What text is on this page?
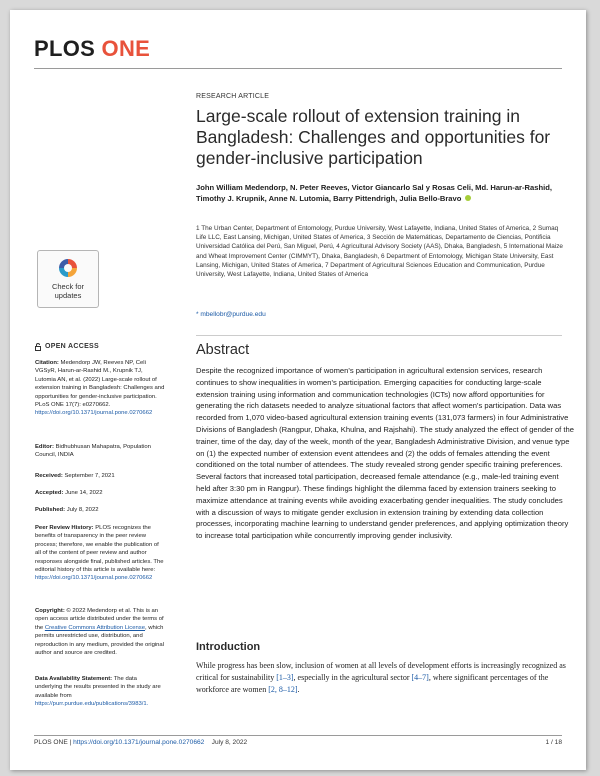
PLOS ONE
RESEARCH ARTICLE
Large-scale rollout of extension training in Bangladesh: Challenges and opportunities for gender-inclusive participation
John William Medendorp, N. Peter Reeves, Victor Giancarlo Sal y Rosas Celi, Md. Harun-ar-Rashid, Timothy J. Krupnik, Anne N. Lutomia, Barry Pittendrigh, Julia Bello-Bravo
1 The Urban Center, Department of Entomology, Purdue University, West Lafayette, Indiana, United States of America, 2 Sumaq Life LLC, East Lansing, Michigan, United States of America, 3 Sección de Matemáticas, Departamento de Ciencias, Pontificia Universidad Católica del Perú, San Miguel, Perú, 4 Agricultural Advisory Society (AAS), Dhaka, Bangladesh, 5 International Maize and Wheat Improvement Center (CIMMYT), Dhaka, Bangladesh, 6 Department of Entomology, Michigan State University, East Lansing, Michigan, United States of America, 7 Department of Agricultural Sciences Education and Communication, Purdue University, West Lafayette, Indiana, United States of America
* mbellobr@purdue.edu
Check for
updates
OPEN ACCESS
Citation: Medendorp JW, Reeves NP, Celi VGSyR, Harun-ar-Rashid M., Krupnik TJ, Lutomia AN, et al. (2022) Large-scale rollout of extension training in Bangladesh: Challenges and opportunities for gender-inclusive participation. PLoS ONE 17(7): e0270662. https://doi.org/10.1371/journal.pone.0270662
Editor: Bidhubhusan Mahapatra, Population Council, INDIA
Received: September 7, 2021
Accepted: June 14, 2022
Published: July 8, 2022
Peer Review History: PLOS recognizes the benefits of transparency in the peer review process; therefore, we enable the publication of all of the content of peer review and author responses alongside final, published articles. The editorial history of this article is available here: https://doi.org/10.1371/journal.pone.0270662
Copyright: © 2022 Medendorp et al. This is an open access article distributed under the terms of the Creative Commons Attribution License, which permits unrestricted use, distribution, and reproduction in any medium, provided the original author and source are credited.
Data Availability Statement: The data underlying the results presented in the study are available from https://purr.purdue.edu/publications/3983/1.
Abstract
Despite the recognized importance of women's participation in agricultural extension services, research continues to show inequalities in women's participation. Emerging capacities for conducting large-scale extension training using information and communication technologies (ICTs) now afford opportunities for generating the rich datasets needed to analyze situational factors that affect women's participation. Data was recorded from 1,070 video-based agricultural extension training events (131,073 farmers) in four Administrative Divisions of Bangladesh (Rangpur, Dhaka, Khulna, and Rajshahi). The study analyzed the effect of gender of the trainer, time of the day, day of the week, month of the year, Bangladesh Administrative Division, and venue type on (1) the expected number of extension event attendees and (2) the odds of females attending the event conditioned on the total number of attendees. The study revealed strong gender specific training preferences. Several factors that increased total participation, decreased female attendance (e.g., male-led training event held after 3:30 pm in Rangpur). These findings highlight the dilemma faced by extension trainers seeking to maximize attendance at training events while avoiding exacerbating gender inequalities. The study concludes with a discussion of ways to mitigate gender exclusion in extension training by extending data collection processes, incorporating machine learning to understand gender preferences, and applying optimization theory to increase total participation while concurrently improving gender inclusivity.
Introduction
While progress has been slow, inclusion of women at all levels of development efforts is increasingly recognized as critical for sustainability [1–3], especially in the agricultural sector [4–7], where significant percentages of the workforce are women [2, 8–12].
PLOS ONE | https://doi.org/10.1371/journal.pone.0270662 July 8, 2022	1 / 18
